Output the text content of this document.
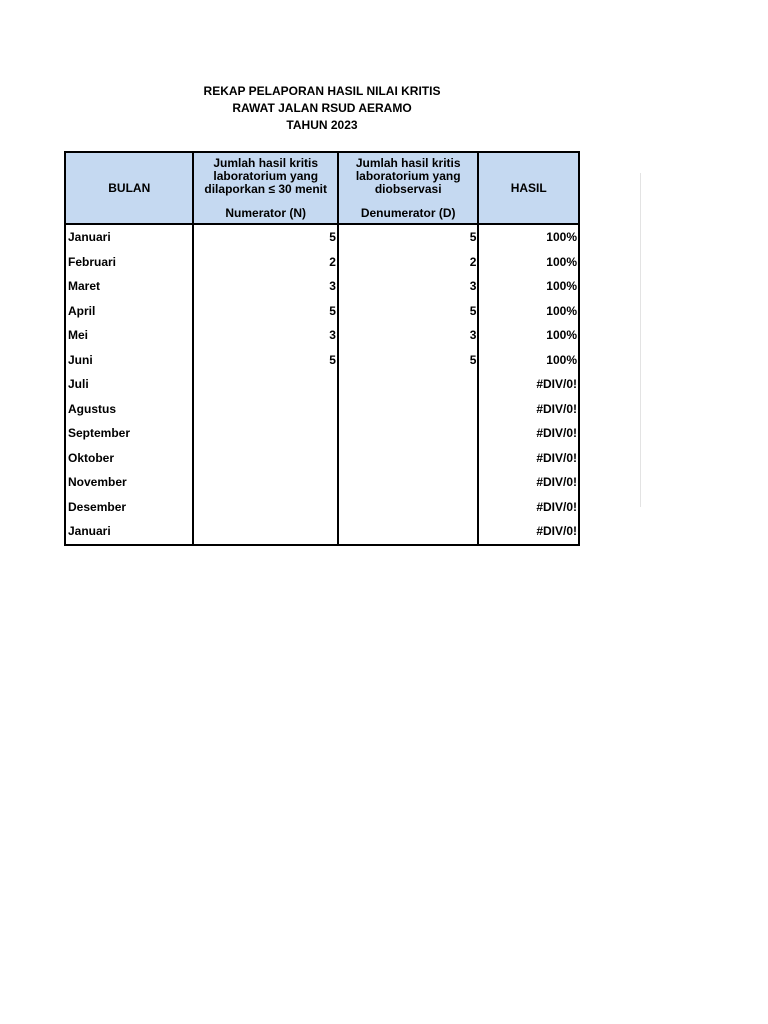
REKAP PELAPORAN HASIL NILAI KRITIS
RAWAT JALAN RSUD AERAMO
TAHUN 2023
BULAN	Jumlah hasil kritis laboratorium yang dilaporkan ≤ 30 menit	Jumlah hasil kritis laboratorium yang diobservasi	HASIL
	Numerator (N)	Denumerator (D)	
Januari	5	5	100%
Februari	2	2	100%
Maret	3	3	100%
April	5	5	100%
Mei	3	3	100%
Juni	5	5	100%
Juli			#DIV/0!
Agustus			#DIV/0!
September			#DIV/0!
Oktober			#DIV/0!
November			#DIV/0!
Desember			#DIV/0!
Januari			#DIV/0!
